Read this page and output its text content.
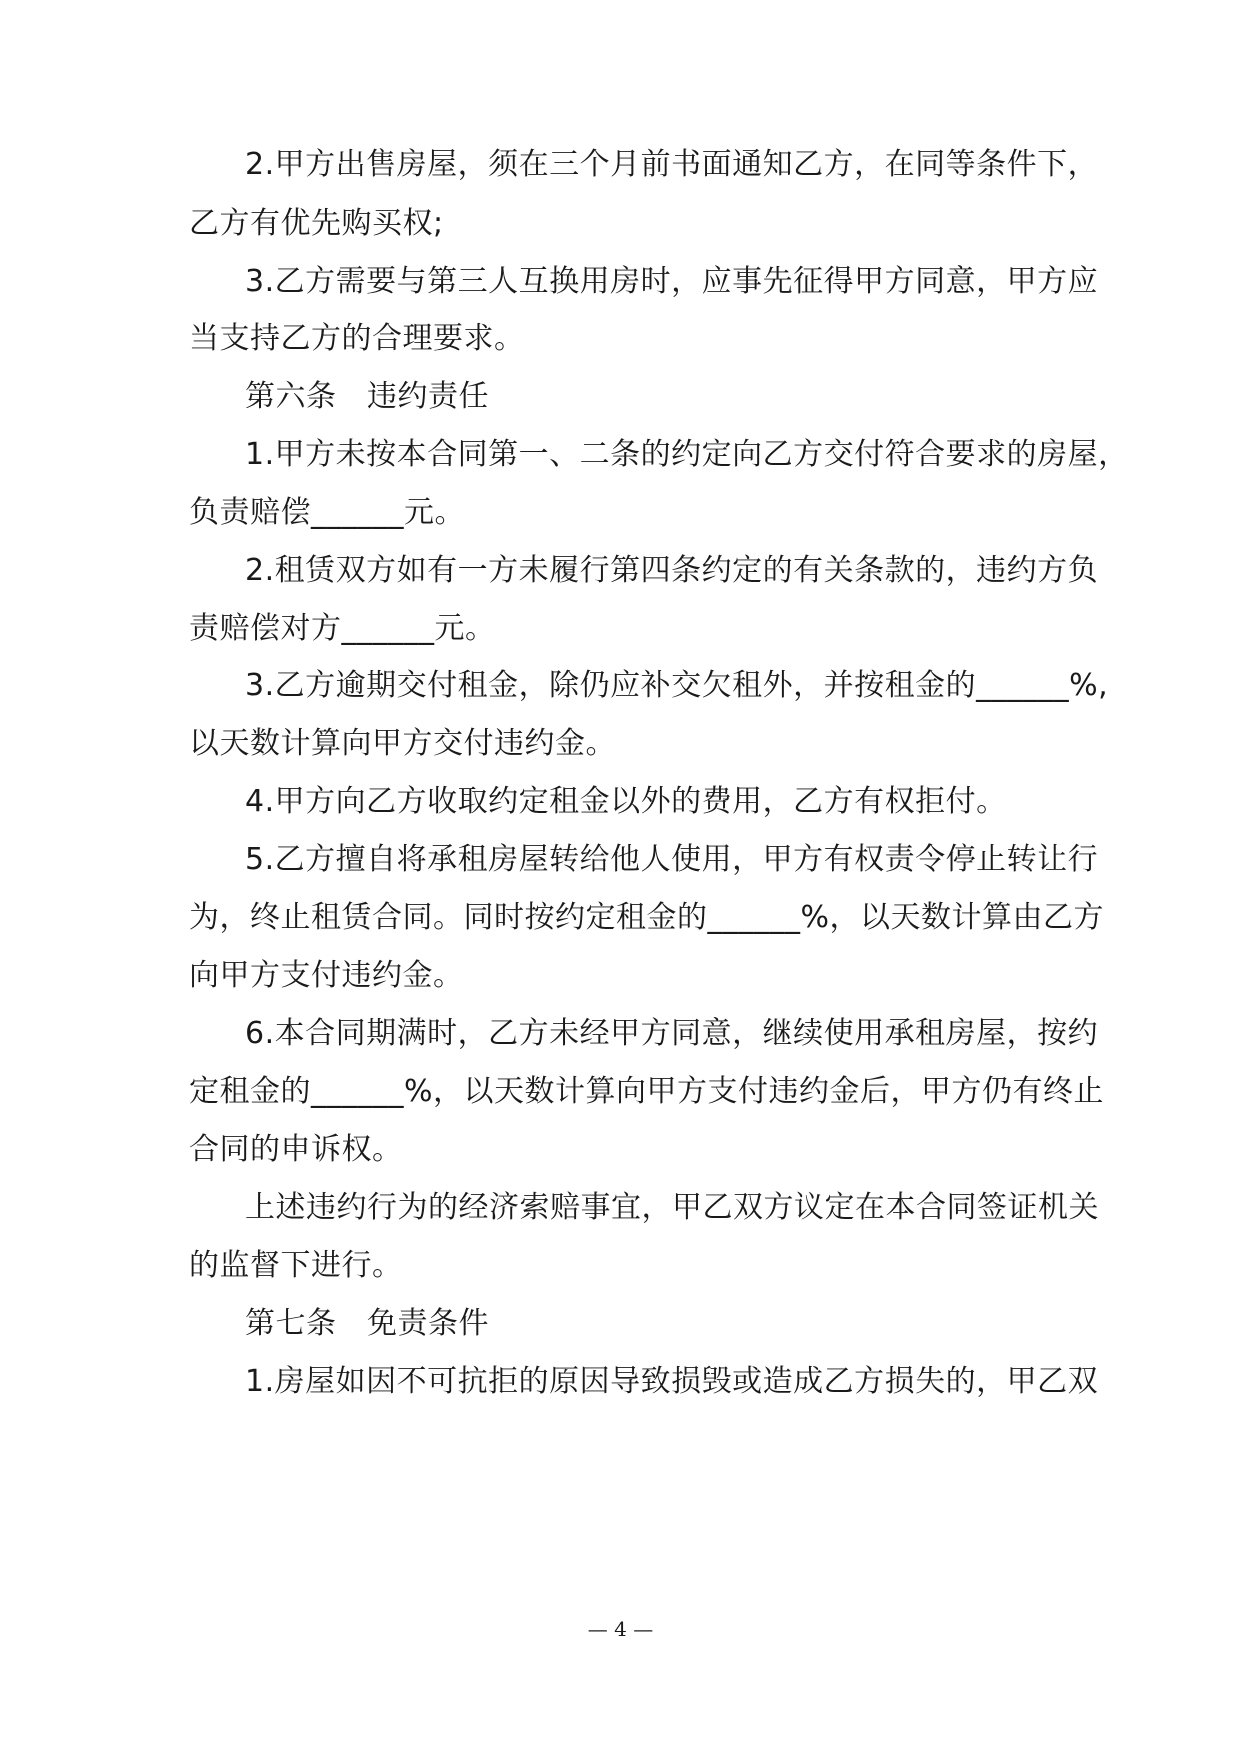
2.甲方出售房屋，须在三个月前书面通知乙方，在同等条件下，
乙方有优先购买权;
3.乙方需要与第三人互换用房时，应事先征得甲方同意，甲方应
当支持乙方的合理要求。
第六条　违约责任
1.甲方未按本合同第一、二条的约定向乙方交付符合要求的房屋，
负责赔偿______元。
2.租赁双方如有一方未履行第四条约定的有关条款的，违约方负
责赔偿对方______元。
3.乙方逾期交付租金，除仍应补交欠租外，并按租金的______%,
以天数计算向甲方交付违约金。
4.甲方向乙方收取约定租金以外的费用，乙方有权拒付。
5.乙方擅自将承租房屋转给他人使用，甲方有权责令停止转让行
为，终止租赁合同。同时按约定租金的______%，以天数计算由乙方
向甲方支付违约金。
6.本合同期满时，乙方未经甲方同意，继续使用承租房屋，按约
定租金的______%，以天数计算向甲方支付违约金后，甲方仍有终止
合同的申诉权。
上述违约行为的经济索赔事宜，甲乙双方议定在本合同签证机关
的监督下进行。
第七条　免责条件
1.房屋如因不可抗拒的原因导致损毁或造成乙方损失的，甲乙双
— 4 —
